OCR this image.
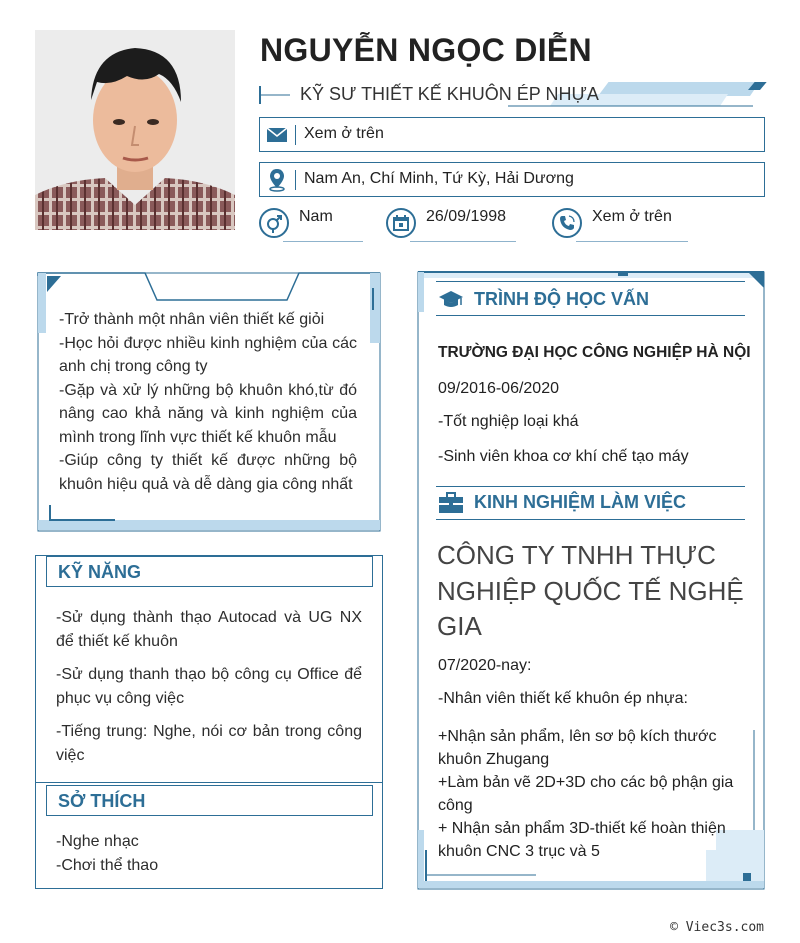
NGUYỄN NGỌC DIỄN
KỸ SƯ THIẾT KẾ KHUÔN ÉP NHỰA
Xem ở trên
Nam An, Chí Minh, Tứ Kỳ, Hải Dương
Nam	26/09/1998	Xem ở trên
-Trở thành một nhân viên thiết kế giỏi
-Học hỏi được nhiều kinh nghiệm của các anh chị trong công ty
-Gặp và xử lý những bộ khuôn khó,từ đó nâng cao khả năng và kinh nghiệm của mình trong lĩnh vực thiết kế khuôn mẫu
-Giúp công ty thiết kế được những bộ khuôn hiệu quả và dễ dàng gia công nhất
KỸ NĂNG
-Sử dụng thành thạo Autocad và UG NX để thiết kế khuôn
-Sử dụng thanh thạo bộ công cụ Office để phục vụ công việc
-Tiếng trung: Nghe, nói cơ bản trong công việc
SỞ THÍCH
-Nghe nhạc
-Chơi thể thao
TRÌNH ĐỘ HỌC VẤN
TRƯỜNG ĐẠI HỌC CÔNG NGHIỆP HÀ NỘI
09/2016-06/2020
-Tốt nghiệp loại khá
-Sinh viên khoa cơ khí chế tạo máy
KINH NGHIỆM LÀM VIỆC
CÔNG TY TNHH THỰC NGHIỆP QUỐC TẾ NGHỆ GIA
07/2020-nay:
-Nhân viên thiết kế khuôn ép nhựa:
+Nhận sản phẩm, lên sơ bộ kích thước khuôn Zhugang
+Làm bản vẽ 2D+3D cho các bộ phận gia công
+ Nhận sản phẩm 3D-thiết kế hoàn thiện khuôn CNC 3 trục và 5
© Viec3s.com
